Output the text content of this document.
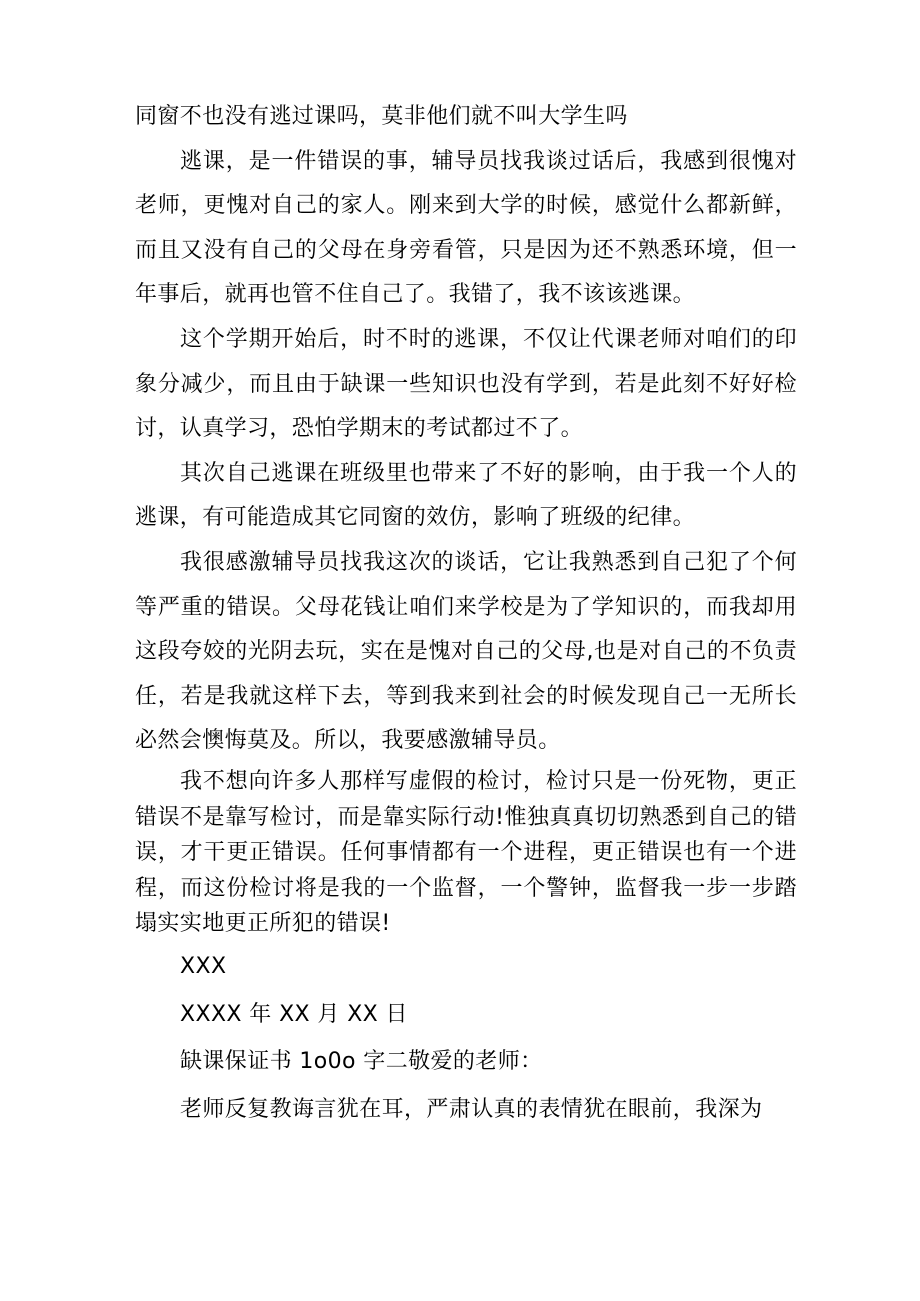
同窗不也没有逃过课吗，莫非他们就不叫大学生吗

逃课，是一件错误的事，辅导员找我谈过话后，我感到很愧对老师，更愧对自己的家人。刚来到大学的时候，感觉什么都新鲜，而且又没有自己的父母在身旁看管，只是因为还不熟悉环境，但一年事后，就再也管不住自己了。我错了，我不该该逃课。

这个学期开始后，时不时的逃课，不仅让代课老师对咱们的印象分减少，而且由于缺课一些知识也没有学到，若是此刻不好好检讨，认真学习，恐怕学期末的考试都过不了。

其次自己逃课在班级里也带来了不好的影响，由于我一个人的逃课，有可能造成其它同窗的效仿，影响了班级的纪律。

我很感激辅导员找我这次的谈话，它让我熟悉到自己犯了个何等严重的错误。父母花钱让咱们来学校是为了学知识的，而我却用这段夸姣的光阴去玩，实在是愧对自己的父母,也是对自己的不负责任，若是我就这样下去，等到我来到社会的时候发现自己一无所长必然会懊悔莫及。所以，我要感激辅导员。

我不想向许多人那样写虚假的检讨，检讨只是一份死物，更正错误不是靠写检讨，而是靠实际行动!惟独真真切切熟悉到自己的错误，才干更正错误。任何事情都有一个进程，更正错误也有一个进程，而这份检讨将是我的一个监督，一个警钟，监督我一步一步踏塌实实地更正所犯的错误!

XXX

XXXX 年 XX 月 XX 日

缺课保证书 1o0o 字二敬爱的老师：

老师反复教诲言犹在耳，严肃认真的表情犹在眼前，我深为
